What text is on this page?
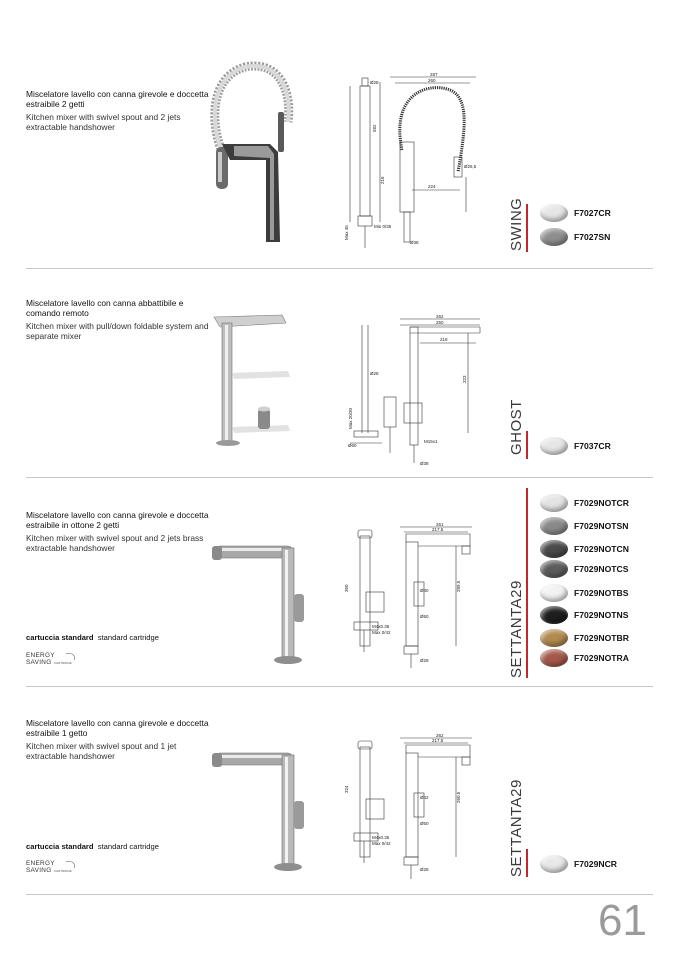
Miscelatore lavello con canna girevole e doccetta estraibile 2 getti
Kitchen mixer with swivel spout and 2 jets extractable handshower
287
260
224
Ø28
Ø26,5
582
216
Min 0/35
Max 45
Ø38	SWING	F7027CR
F7027SN
Miscelatore lavello con canna abbattibile e comando remoto
Kitchen mixer with pull/down foldable system and separate mixer
262
250
218
323
Ø28
M15x1
Ø38
Max 20/30
Ø60	GHOST	F7037CR
Miscelatore lavello con canna girevole e doccetta estraibile in ottone 2 getti
Kitchen mixer with swivel spout and 2 jets brass extractable handshower
cartuccia standard standard cartridge
ENERGY
SAVING CARTRIDGE
261
217.5
289.5
Ø40
Ø50
360
M4x0.35
Max 0/42
Ø28	SETTANTA29
F7029NOTCR
F7029NOTSN
F7029NOTCN
F7029NOTCS
F7029NOTBS
F7029NOTNS
F7029NOTBR
F7029NOTRA
Miscelatore lavello con canna girevole e doccetta estraibile 1 getto
Kitchen mixer with swivel spout and 1 jet extractable handshower
cartuccia standard standard cartridge
ENERGY
SAVING CARTRIDGE
262
217.5
260.5
Ø42
Ø50
324
M4x0.35
Max 0/42
Ø28	SETTANTA29	F7029NCR
61
